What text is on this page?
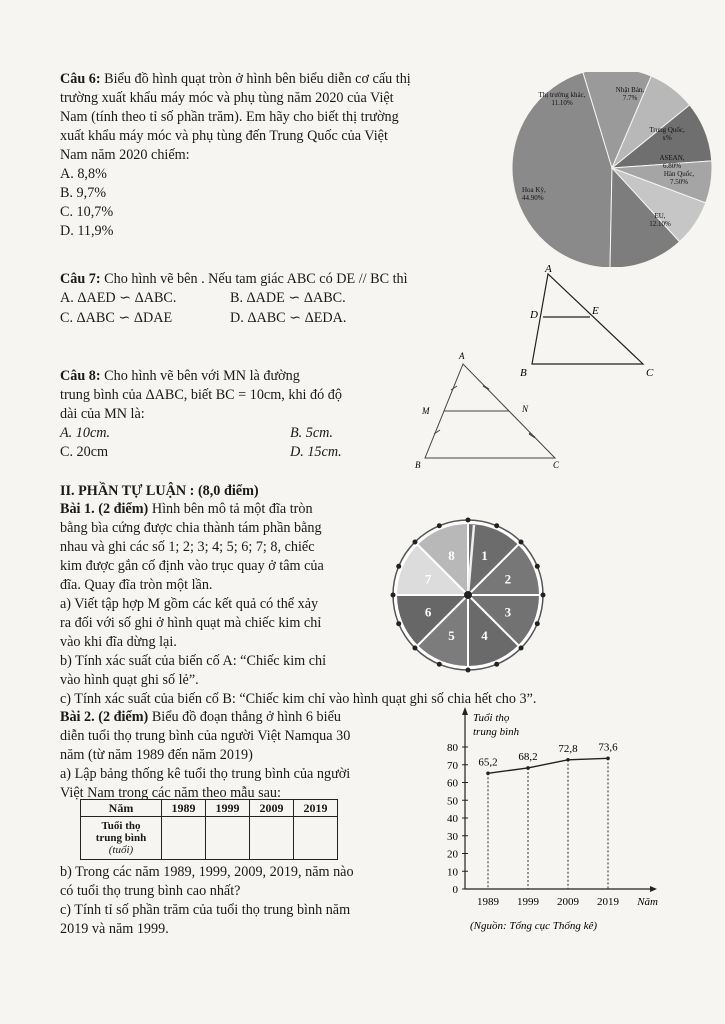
Câu 6: Biểu đồ hình quạt tròn ở hình bên biểu diễn cơ cấu thị

trường xuất khẩu máy móc và phụ tùng năm 2020 của Việt

Nam (tính theo tỉ số phần trăm). Em hãy cho biết thị trường

xuất khẩu máy móc và phụ tùng đến Trung Quốc của Việt

Nam năm 2020 chiếm:

A. 8,8%

B. 9,7%

C. 10,7%

D. 11,9%

Hoa Kỳ, 44.90%
Thị trường khác, 11.10%
Nhật Bản, 7.7%
Trung Quốc, x%
ASEAN, 6.80%
Hàn Quốc, 7.50%
EU, 12.10%

Câu 7: Cho hình vẽ bên . Nếu tam giác ABC có DE // BC thì

A. ΔAED ∽ ΔABC.	B. ΔADE ∽ ΔABC.
C. ΔABC ∽ ΔDAE	D. ΔABC ∽ ΔEDA.
A
D	E
B	C

Câu 8: Cho hình vẽ bên với MN là đường

trung bình của ΔABC, biết BC = 10cm, khi đó độ

dài của MN là:

A. 10cm.	B. 5cm.
C. 20cm	D. 15cm.
A
M	N
B	C

II. PHẦN TỰ LUẬN : (8,0 điểm)

Bài 1. (2 điểm) Hình bên mô tả một đĩa tròn

bằng bìa cứng được chia thành tám phần bằng

nhau và ghi các số 1; 2; 3; 4; 5; 6; 7; 8, chiếc

kim được gắn cố định vào trục quay ở tâm của

đĩa. Quay đĩa tròn một lần.

a) Viết tập hợp M gồm các kết quả có thể xảy

ra đối với số ghi ở hình quạt mà chiếc kim chỉ

vào khi đĩa dừng lại.

b) Tính xác suất của biến cố A: “Chiếc kim chỉ

vào hình quạt ghi số lẻ”.

c) Tính xác suất của biến cố B: “Chiếc kim chỉ vào hình quạt ghi số chia hết cho 3”.

1
2
3
4
5
6
7
8

Bài 2. (2 điểm) Biểu đồ đoạn thẳng ở hình 6 biểu

diễn tuổi thọ trung bình của người Việt Namqua 30

năm (từ năm 1989 đến năm 2019)

a) Lập bảng thống kê tuổi thọ trung bình của người

Việt Nam trong các năm theo mẫu sau:

Năm	1989	1999	2009	2019

Tuổi thọ
trung bình
(tuổi)				

b) Trong các năm 1989, 1999, 2009, 2019, năm nào

có tuổi thọ trung bình cao nhất?

c) Tính tỉ số phần trăm của tuổi thọ trung bình năm

2019 và năm 1999.

Tuổi thọ
trung bình
0
10
20
30
40
50
60
70
80
65,2
1989
68,2
1999
72,8
2009
73,6
2019 Năm
(Nguồn: Tổng cục Thống kê)
